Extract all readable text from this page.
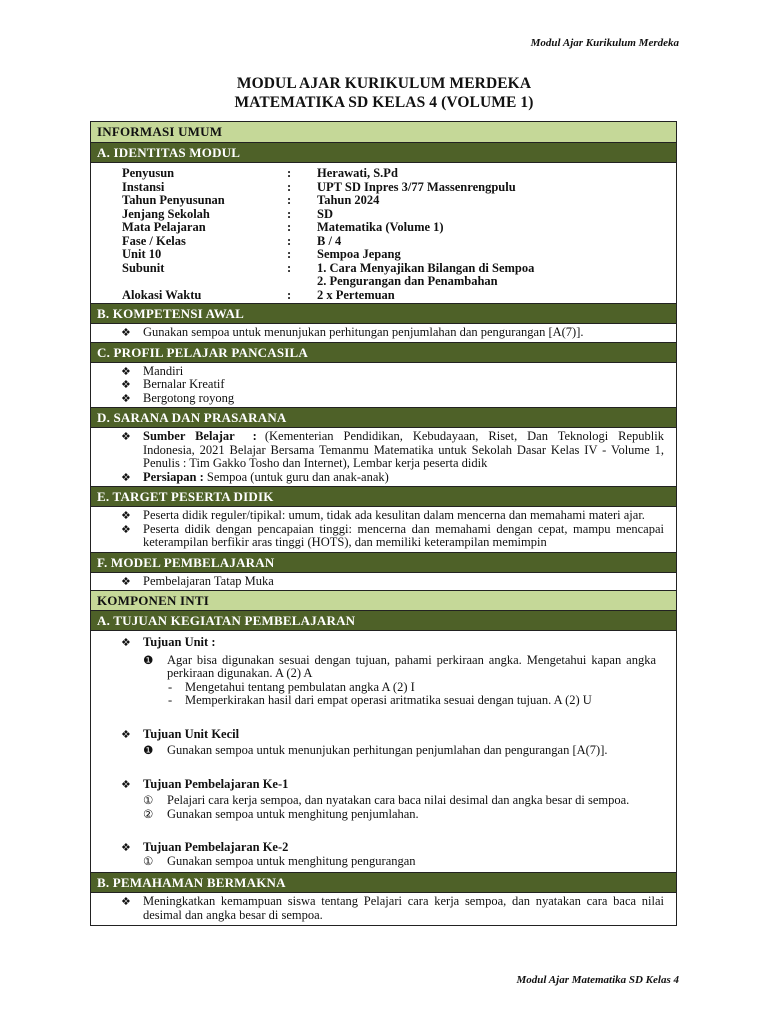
Modul Ajar Kurikulum Merdeka
MODUL AJAR KURIKULUM MERDEKA
MATEMATIKA SD KELAS 4 (VOLUME 1)
INFORMASI UMUM
A. IDENTITAS MODUL
Penyusun	:	Herawati, S.Pd
Instansi	:	UPT SD Inpres 3/77 Massenrengpulu
Tahun Penyusunan	:	Tahun 2024
Jenjang Sekolah	:	SD
Mata Pelajaran	:	Matematika (Volume 1)
Fase / Kelas	:	B / 4
Unit 10	:	Sempoa Jepang
Subunit	:	1. Cara Menyajikan Bilangan di Sempoa
2. Pengurangan dan Penambahan
Alokasi Waktu	:	2 x Pertemuan
B. KOMPETENSI AWAL
❖ Gunakan sempoa untuk menunjukan perhitungan penjumlahan dan pengurangan [A(7)].
C. PROFIL PELAJAR PANCASILA
❖ Mandiri
❖ Bernalar Kreatif
❖ Bergotong royong
D. SARANA DAN PRASARANA
❖ Sumber Belajar : (Kementerian Pendidikan, Kebudayaan, Riset, Dan Teknologi Republik Indonesia, 2021 Belajar Bersama Temanmu Matematika untuk Sekolah Dasar Kelas IV - Volume 1, Penulis : Tim Gakko Tosho dan Internet), Lembar kerja peserta didik
❖ Persiapan : Sempoa (untuk guru dan anak-anak)
E. TARGET PESERTA DIDIK
❖ Peserta didik reguler/tipikal: umum, tidak ada kesulitan dalam mencerna dan memahami materi ajar.
❖ Peserta didik dengan pencapaian tinggi: mencerna dan memahami dengan cepat, mampu mencapai keterampilan berfikir aras tinggi (HOTS), dan memiliki keterampilan memimpin
F. MODEL PEMBELAJARAN
❖ Pembelajaran Tatap Muka
KOMPONEN INTI
A. TUJUAN KEGIATAN PEMBELAJARAN
❖ Tujuan Unit :
❶ Agar bisa digunakan sesuai dengan tujuan, pahami perkiraan angka. Mengetahui kapan angka perkiraan digunakan. A (2) A
- Mengetahui tentang pembulatan angka A (2) I
- Memperkirakan hasil dari empat operasi aritmatika sesuai dengan tujuan. A (2) U
❖ Tujuan Unit Kecil
❶ Gunakan sempoa untuk menunjukan perhitungan penjumlahan dan pengurangan [A(7)].
❖ Tujuan Pembelajaran Ke-1
① Pelajari cara kerja sempoa, dan nyatakan cara baca nilai desimal dan angka besar di sempoa.
② Gunakan sempoa untuk menghitung penjumlahan.
❖ Tujuan Pembelajaran Ke-2
① Gunakan sempoa untuk menghitung pengurangan
B. PEMAHAMAN BERMAKNA
❖ Meningkatkan kemampuan siswa tentang Pelajari cara kerja sempoa, dan nyatakan cara baca nilai desimal dan angka besar di sempoa.
Modul Ajar Matematika SD Kelas 4
